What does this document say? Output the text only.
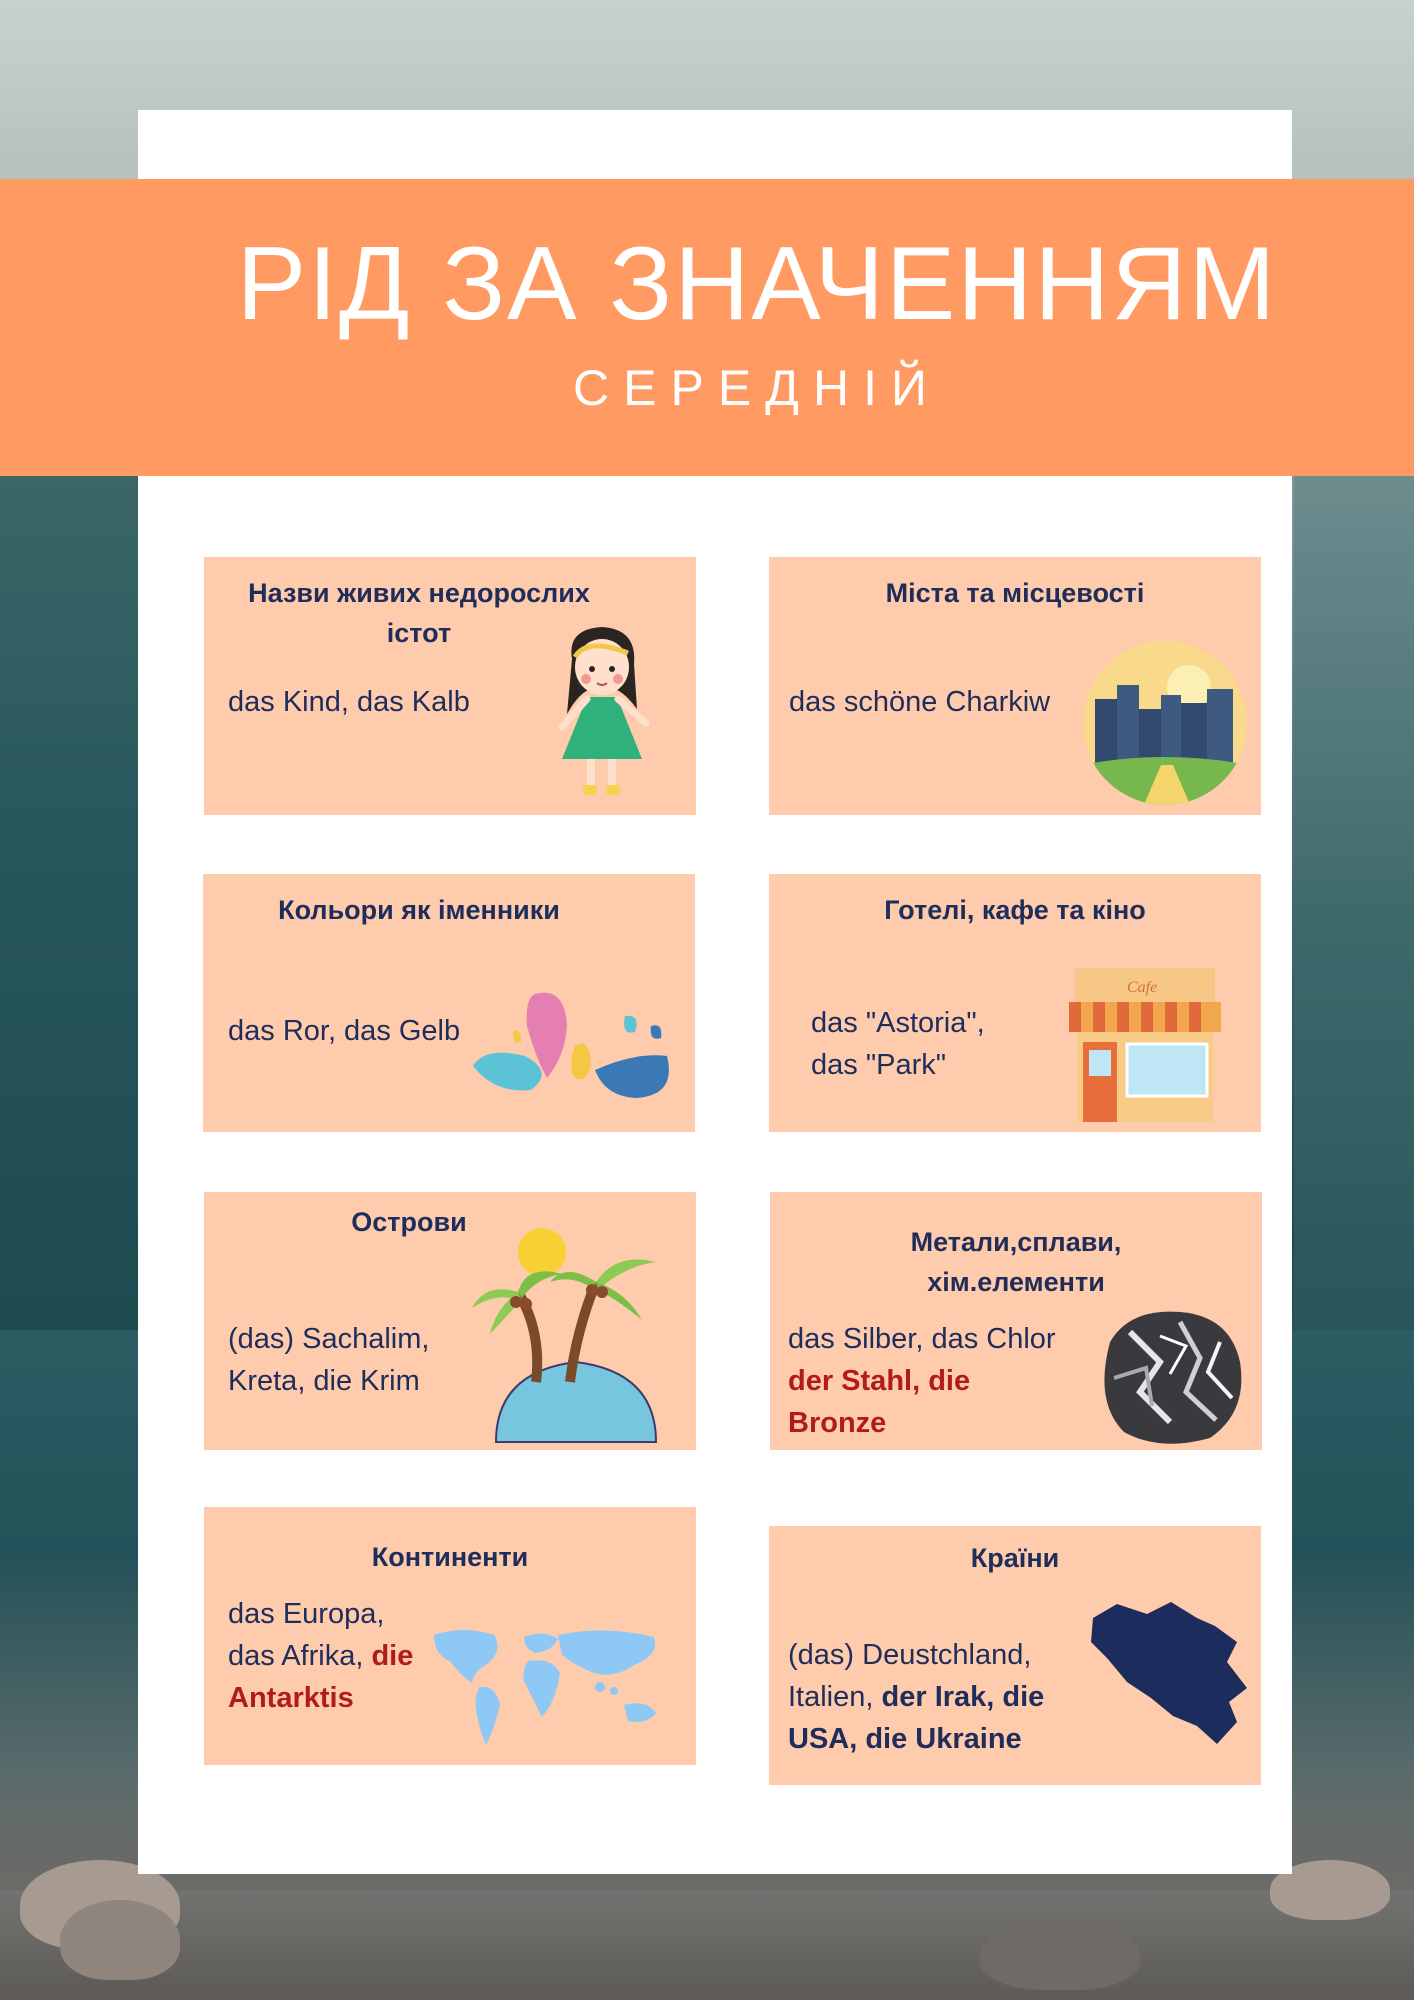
РІД ЗА ЗНАЧЕННЯМ
СЕРЕДНІЙ
Назви живих недорослих істот
das Kind, das Kalb
Міста та місцевості
das schöne Charkiw
Кольори як іменники
das Ror, das Gelb
Готелі, кафе та кіно
das "Astoria",
das "Park"
Cafe
Острови
(das) Sachalim,
Kreta, die Krim
Метали,сплави,
хім.елементи
das Silber, das Chlor
der Stahl, die
Bronze
Континенти
das Europa,
das Afrika, die
Antarktis
Країни
(das) Deustchland,
Italien, der Irak, die
USA, die Ukraine
